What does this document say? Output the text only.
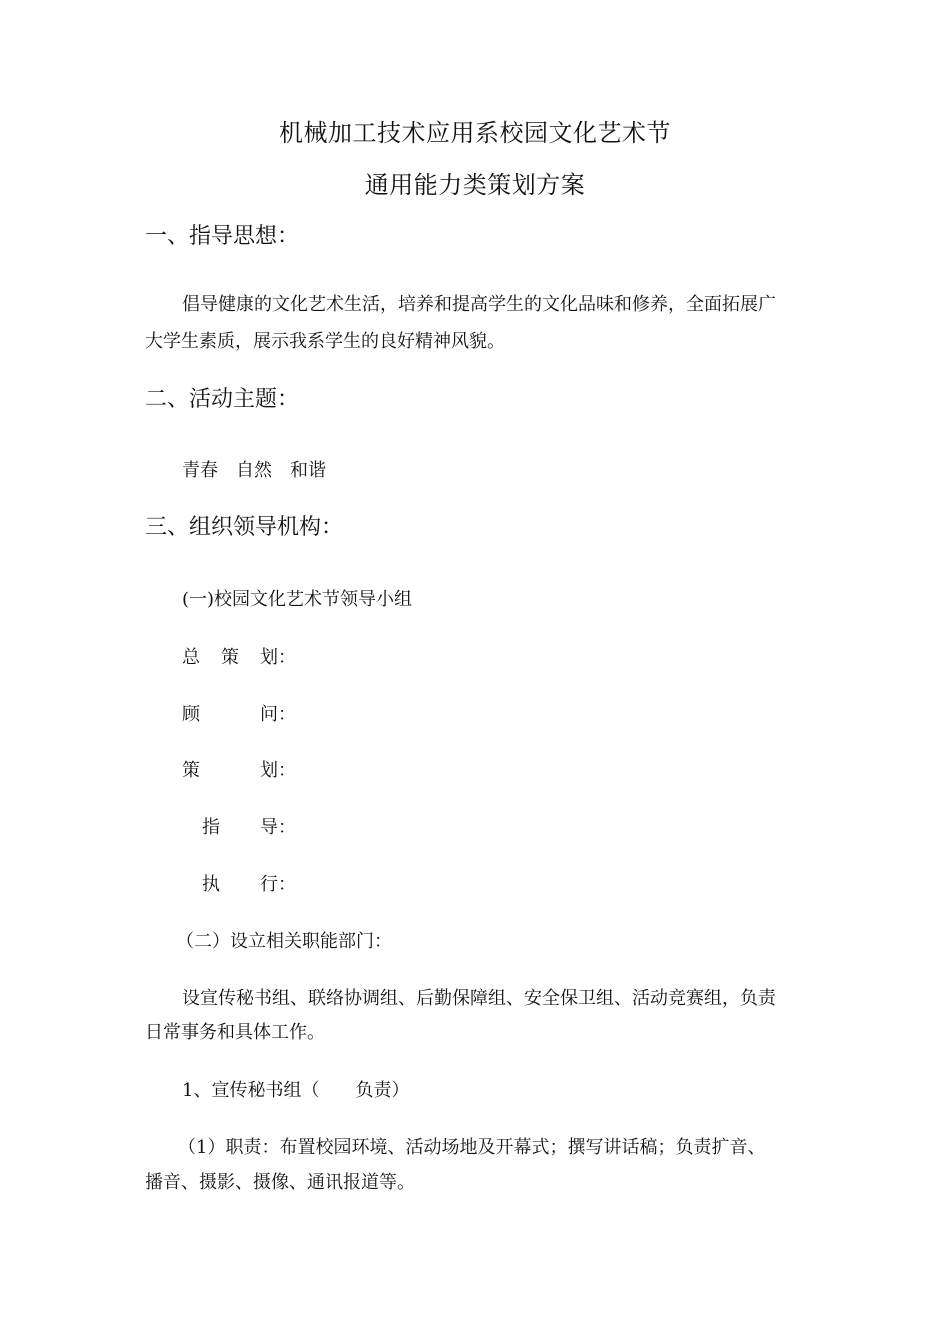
机械加工技术应用系校园文化艺术节

通用能力类策划方案

一、指导思想：

倡导健康的文化艺术生活，培养和提高学生的文化品味和修养，全面拓展广

大学生素质，展示我系学生的良好精神风貌。

二、活动主题：

青春　自然　和谐

三、组织领导机构：

(一)校园文化艺术节领导小组

总 策 划：
顾	问：
策	划：
指 导：
执 行：

（二）设立相关职能部门：

设宣传秘书组、联络协调组、后勤保障组、安全保卫组、活动竞赛组，负责

日常事务和具体工作。

1、宣传秘书组（　　负责）

（1）职责：布置校园环境、活动场地及开幕式；撰写讲话稿；负责扩音、

播音、摄影、摄像、通讯报道等。
